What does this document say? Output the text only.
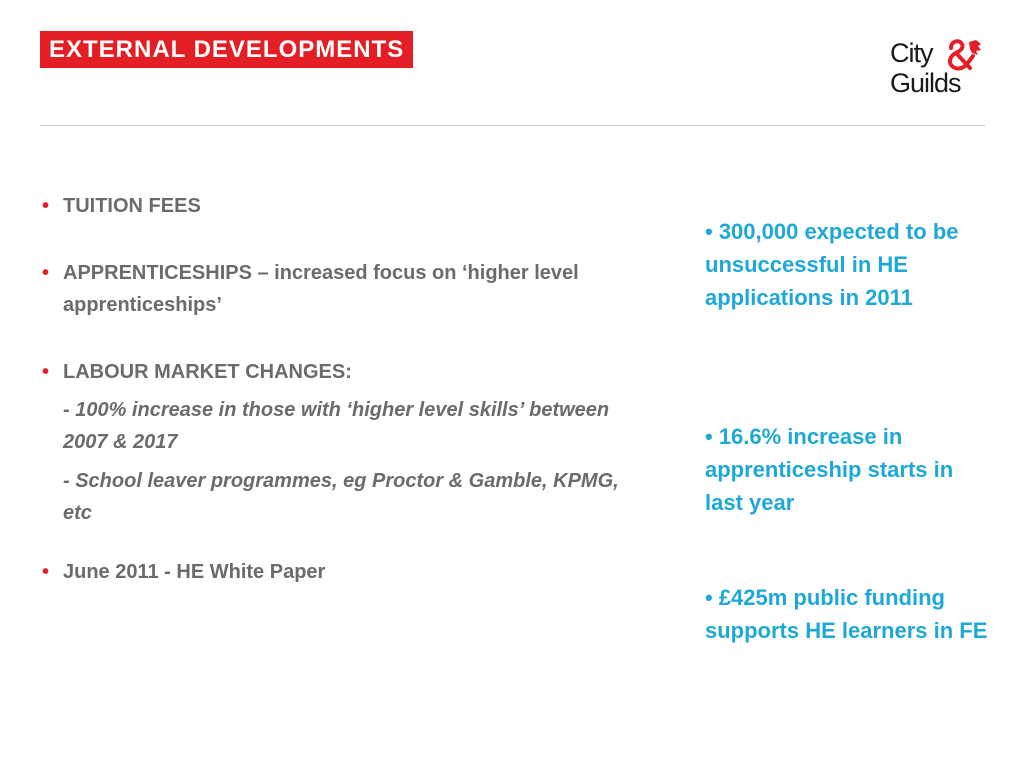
EXTERNAL DEVELOPMENTS	City
Guilds
• TUITION FEES
• APPRENTICESHIPS – increased focus on ‘higher level apprenticeships’
• LABOUR MARKET CHANGES:
- 100% increase in those with ‘higher level skills’ between 2007 & 2017
- School leaver programmes, eg Proctor & Gamble, KPMG, etc
• June 2011 - HE White Paper
• 300,000 expected to be unsuccessful in HE applications in 2011
• 16.6% increase in apprenticeship starts in last year
• £425m public funding supports HE learners in FE
